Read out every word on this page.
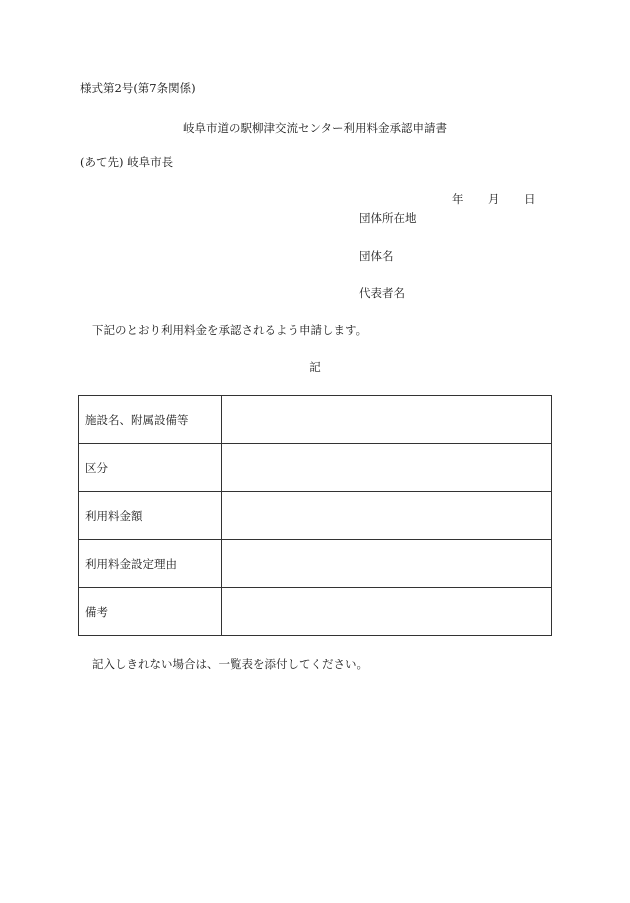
様式第2号(第7条関係)
岐阜市道の駅柳津交流センター利用料金承認申請書
(あて先) 岐阜市長
年 月 日
団体所在地
団体名
代表者名
下記のとおり利用料金を承認されるよう申請します。
記
施設名、附属設備等	
区分	
利用料金額	
利用料金設定理由	
備考	
記入しきれない場合は、一覧表を添付してください。
